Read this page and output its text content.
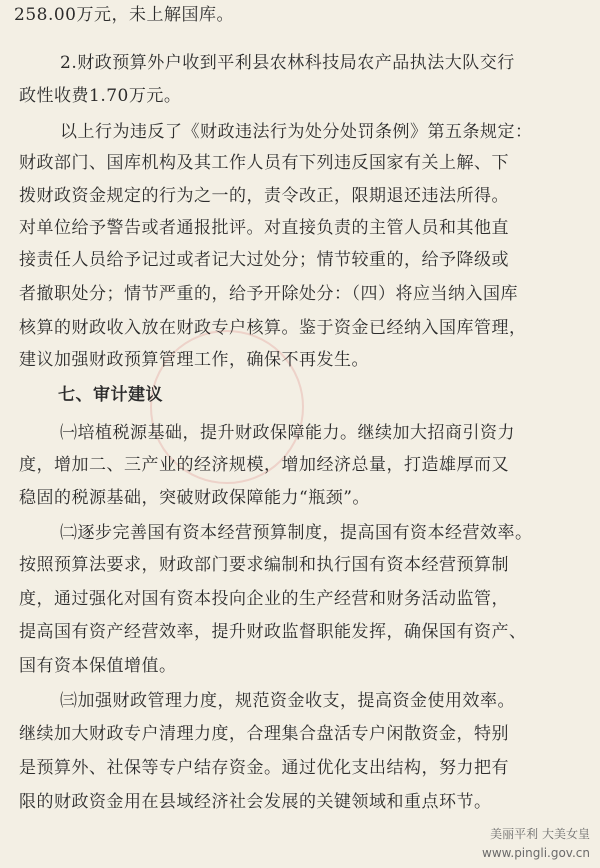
258.00万元，未上解国库。
2.财政预算外户收到平利县农林科技局农产品执法大队交行
政性收费1.70万元。
以上行为违反了《财政违法行为处分处罚条例》第五条规定：
财政部门、国库机构及其工作人员有下列违反国家有关上解、下
拨财政资金规定的行为之一的，责令改正，限期退还违法所得。
对单位给予警告或者通报批评。对直接负责的主管人员和其他直
接责任人员给予记过或者记大过处分；情节较重的，给予降级或
者撤职处分；情节严重的，给予开除处分：（四）将应当纳入国库
核算的财政收入放在财政专户核算。鉴于资金已经纳入国库管理，
建议加强财政预算管理工作，确保不再发生。
七、审计建议
㈠培植税源基础，提升财政保障能力。继续加大招商引资力
度，增加二、三产业的经济规模，增加经济总量，打造雄厚而又
稳固的税源基础，突破财政保障能力“瓶颈”。
㈡逐步完善国有资本经营预算制度，提高国有资本经营效率。
按照预算法要求，财政部门要求编制和执行国有资本经营预算制
度，通过强化对国有资本投向企业的生产经营和财务活动监管，
提高国有资产经营效率，提升财政监督职能发挥，确保国有资产、
国有资本保值增值。
㈢加强财政管理力度，规范资金收支，提高资金使用效率。
继续加大财政专户清理力度，合理集合盘活专户闲散资金，特别
是预算外、社保等专户结存资金。通过优化支出结构，努力把有
限的财政资金用在县域经济社会发展的关键领域和重点环节。
美丽平利 大美女皇
www.pingli.gov.cn
